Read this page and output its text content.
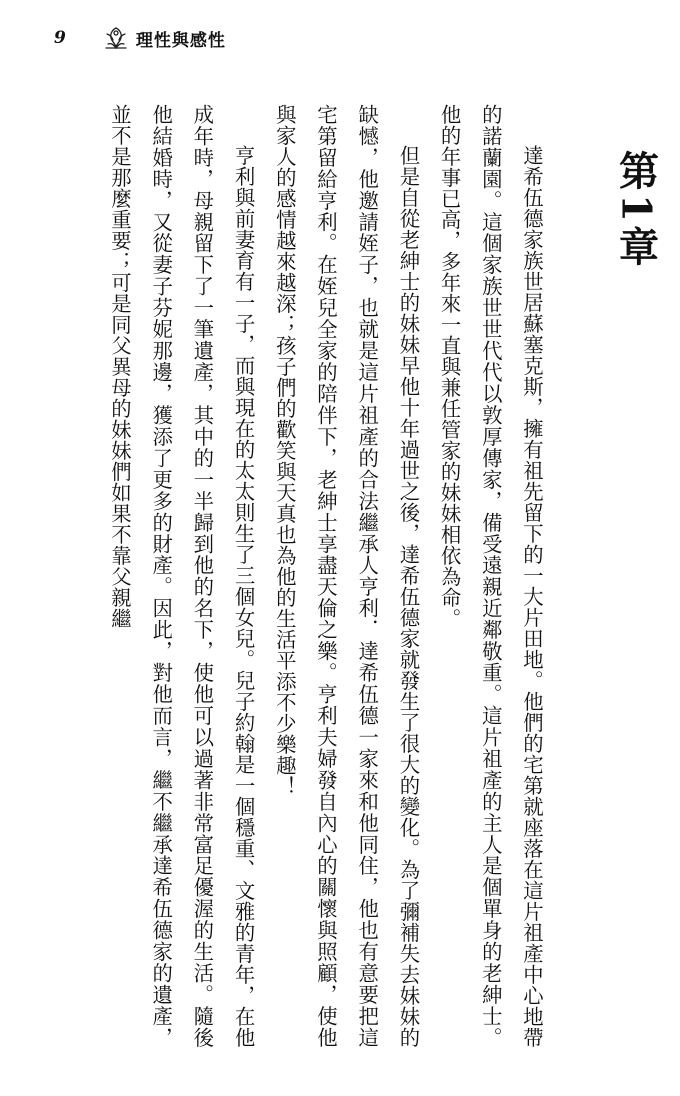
9	理性與感性
第
1
章

達希伍德家族世居蘇塞克斯，擁有祖先留下的一大片田地。他們的宅第就座落在這片祖產中心地帶的諾蘭園。這個家族世世代代以敦厚傳家，備受遠親近鄰敬重。這片祖產的主人是個單身的老紳士。他的年事已高，多年來一直與兼任管家的妹妹相依為命。

但是自從老紳士的妹妹早他十年過世之後，達希伍德家就發生了很大的變化。為了彌補失去妹妹的缺憾，他邀請姪子，也就是這片祖產的合法繼承人亨利．達希伍德一家來和他同住，他也有意要把這宅第留給亨利。在姪兒全家的陪伴下，老紳士享盡天倫之樂。亨利夫婦發自內心的關懷與照顧，使他與家人的感情越來越深；孩子們的歡笑與天真也為他的生活平添不少樂趣！

亨利與前妻育有一子，而與現在的太太則生了三個女兒。兒子約翰是一個穩重、文雅的青年，在他成年時，母親留下了一筆遺產，其中的一半歸到他的名下，使他可以過著非常富足優渥的生活。隨後他結婚時，又從妻子芬妮那邊，獲添了更多的財產。因此，對他而言，繼不繼承達希伍德家的遺產，並不是那麼重要；可是同父異母的妹妹們如果不靠父親繼
